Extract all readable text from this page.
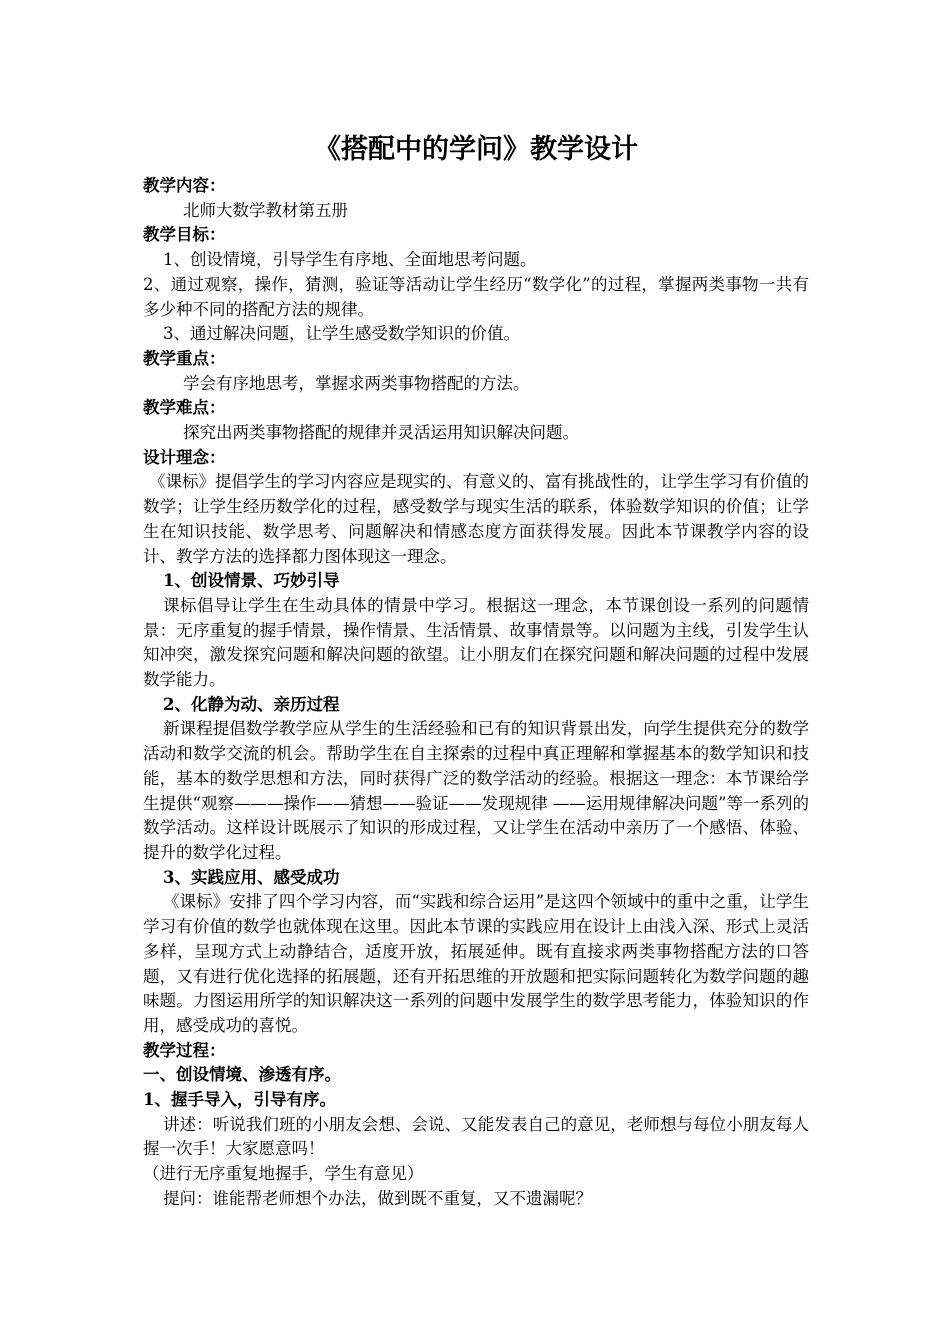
《搭配中的学问》教学设计
教学内容：
北师大数学教材第五册
教学目标：
1、创设情境，引导学生有序地、全面地思考问题。
2、通过观察，操作，猜测，验证等活动让学生经历“数学化”的过程，掌握两类事物一共有多少种不同的搭配方法的规律。
3、通过解决问题，让学生感受数学知识的价值。
教学重点：
学会有序地思考，掌握求两类事物搭配的方法。
教学难点：
探究出两类事物搭配的规律并灵活运用知识解决问题。
设计理念：
《课标》提倡学生的学习内容应是现实的、有意义的、富有挑战性的，让学生学习有价值的数学；让学生经历数学化的过程，感受数学与现实生活的联系，体验数学知识的价值；让学生在知识技能、数学思考、问题解决和情感态度方面获得发展。因此本节课教学内容的设计、教学方法的选择都力图体现这一理念。
1、创设情景、巧妙引导
课标倡导让学生在生动具体的情景中学习。根据这一理念，本节课创设一系列的问题情景：无序重复的握手情景，操作情景、生活情景、故事情景等。以问题为主线，引发学生认知冲突，激发探究问题和解决问题的欲望。让小朋友们在探究问题和解决问题的过程中发展数学能力。
2、化静为动、亲历过程
新课程提倡数学教学应从学生的生活经验和已有的知识背景出发，向学生提供充分的数学活动和数学交流的机会。帮助学生在自主探索的过程中真正理解和掌握基本的数学知识和技能，基本的数学思想和方法，同时获得广泛的数学活动的经验。根据这一理念：本节课给学生提供“观察———操作——猜想——验证——发现规律 ——运用规律解决问题”等一系列的数学活动。这样设计既展示了知识的形成过程，又让学生在活动中亲历了一个感悟、体验、提升的数学化过程。
3、实践应用、感受成功
《课标》安排了四个学习内容，而“实践和综合运用”是这四个领域中的重中之重，让学生学习有价值的数学也就体现在这里。因此本节课的实践应用在设计上由浅入深、形式上灵活多样，呈现方式上动静结合，适度开放，拓展延伸。既有直接求两类事物搭配方法的口答题，又有进行优化选择的拓展题，还有开拓思维的开放题和把实际问题转化为数学问题的趣味题。力图运用所学的知识解决这一系列的问题中发展学生的数学思考能力，体验知识的作用，感受成功的喜悦。
教学过程：
一、创设情境、渗透有序。
1、握手导入，引导有序。
讲述：听说我们班的小朋友会想、会说、又能发表自己的意见，老师想与每位小朋友每人握一次手！大家愿意吗！
（进行无序重复地握手，学生有意见）
提问：谁能帮老师想个办法，做到既不重复，又不遗漏呢？
